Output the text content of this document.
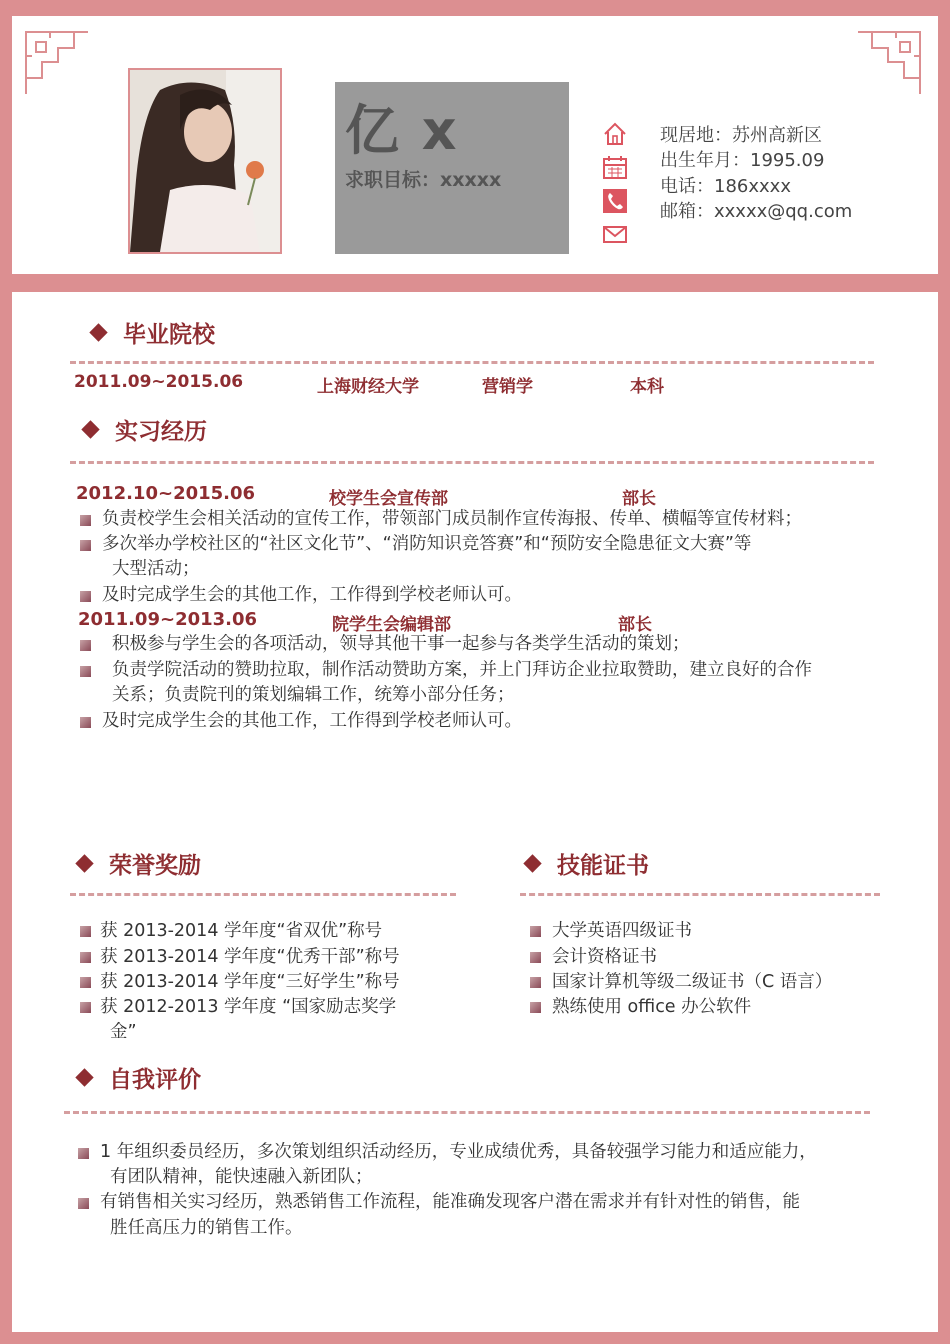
亿 x
求职目标：xxxxx
现居地：苏州高新区
出生年月：1995.09
电话：186xxxx
邮箱：xxxxx@qq.com
毕业院校
2011.09~2015.06	上海财经大学	营销学	本科
实习经历
2012.10~2015.06	校学生会宣传部	部长
负责校学生会相关活动的宣传工作，带领部门成员制作宣传海报、传单、横幅等宣传材料；
多次举办学校社区的“社区文化节”、“消防知识竞答赛”和“预防安全隐患征文大赛”等
大型活动；
及时完成学生会的其他工作，工作得到学校老师认可。
2011.09~2013.06	院学生会编辑部	部长
积极参与学生会的各项活动，领导其他干事一起参与各类学生活动的策划；
负责学院活动的赞助拉取，制作活动赞助方案，并上门拜访企业拉取赞助，建立良好的合作
关系；负责院刊的策划编辑工作，统筹小部分任务；
及时完成学生会的其他工作，工作得到学校老师认可。
荣誉奖励
获 2013-2014 学年度“省双优”称号
获 2013-2014 学年度“优秀干部”称号
获 2013-2014 学年度“三好学生”称号
获 2012-2013 学年度 “国家励志奖学
金”
技能证书
大学英语四级证书
会计资格证书
国家计算机等级二级证书（C 语言）
熟练使用 office 办公软件
自我评价
1 年组织委员经历，多次策划组织活动经历，专业成绩优秀，具备较强学习能力和适应能力，
有团队精神，能快速融入新团队；
有销售相关实习经历，熟悉销售工作流程，能准确发现客户潜在需求并有针对性的销售，能
胜任高压力的销售工作。
